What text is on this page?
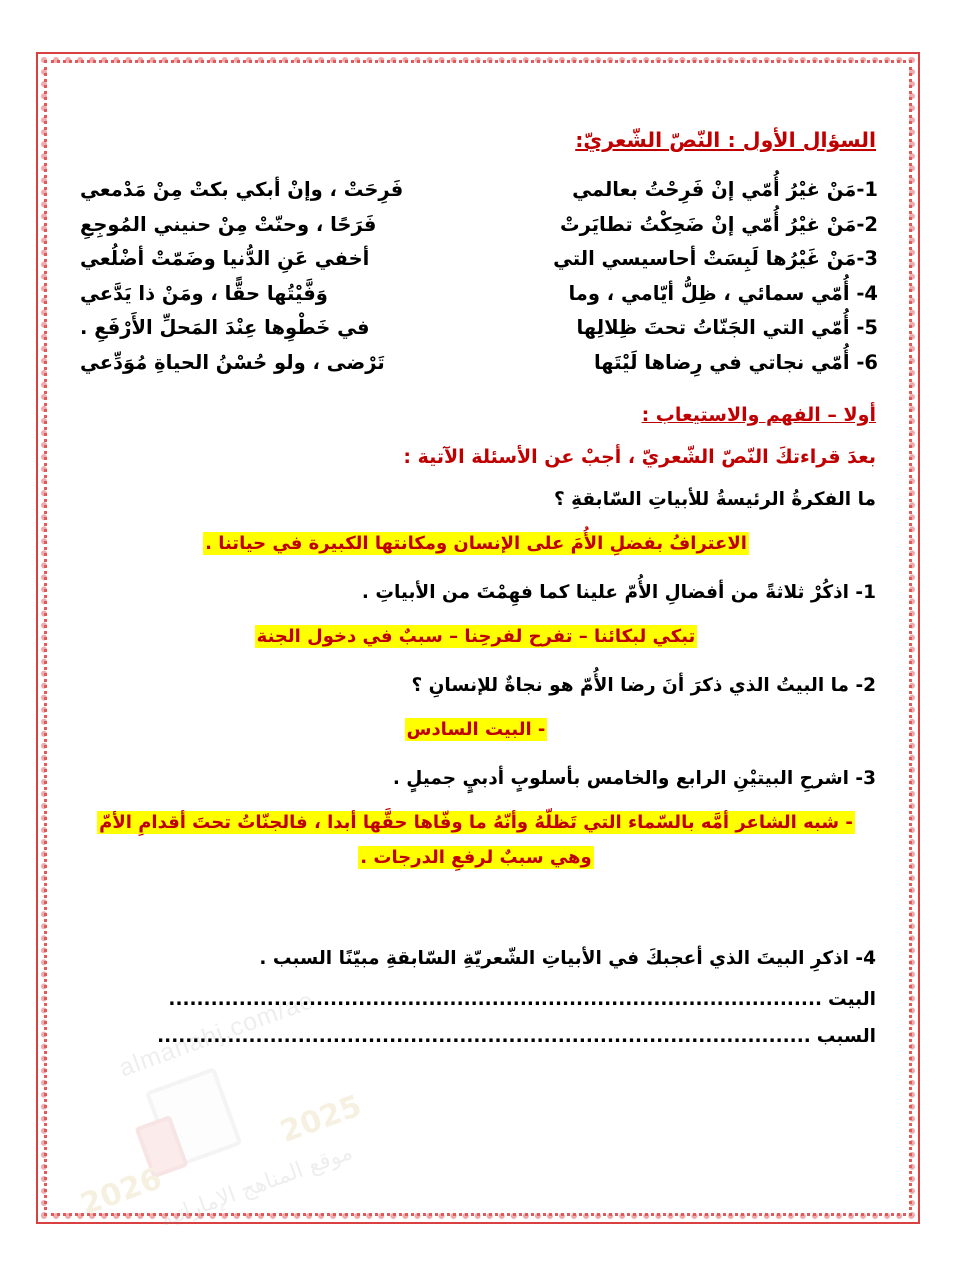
almanahj.com/ae
2026
2025
موقع المناهج الإماراتية
السؤال الأول : النّصّ الشّعريّ:
1-مَنْ غيْرُ أُمّي إنْ فَرِحْتُ بعالمي
2-مَنْ غيْرُ أُمّي إنْ ضَحِكْتُ تطايَرتْ
3-مَنْ غَيْرُها لَبِسَتْ أحاسيسي التي
4- أُمّي سمائي ، ظِلُّ أيّامي ، وما
5- أُمّي التي الجَنّاتُ تحتَ ظِلالِها
6- أُمّي نجاتي في رِضاها لَيْتَها
فَرِحَتْ ، وإنْ أبكي بكتْ مِنْ مَدْمعي
فَرَحًا ، وحنّتْ مِنْ حنيني المُوجِعِ
أخفي عَنِ الدُّنيا وضَمّتْ أضْلُعي
وَفَّيْتُها حقًّا ، ومَنْ ذا يَدَّعي
في خَطْوِها عِنْدَ المَحلِّ الأَرْفَعِ .
تَرْضى ، ولو حُسْنُ الحياةِ مُوَدِّعي
أولا – الفهم والاستيعاب :
بعدَ قراءتكَ النّصّ الشّعريّ ، أجبْ عن الأسئلة الآتية :
ما الفكرةُ الرئيسةُ للأبياتِ السّابقةِ ؟
الاعترافُ بفضلِ الأُمَ على الإنسان ومكانتها الكبيرة في حياتنا .
1- اذكُرْ ثلاثةً من أفضالِ الأُمّ علينا كما فهِمْتَ من الأبياتِ .
تبكي لبكائنا – تفرح لفرحِنا – سببٌ في دخول الجنة
2- ما البيتُ الذي ذكرَ أنَ رضا الأُمّ هو نجاةٌ للإنسانِ ؟
- البيت السادس
3- اشرحِ البيتيْنِ الرابع والخامس بأسلوبٍ أدبيٍ جميلٍ .
- شبه الشاعر أمَّه بالسّماء التي تَظلّهُ وأنّهُ ما وفّاها حقَّها أبدا ، فالجنّاتُ تحتَ أقدامِ الأمّ
وهي سببٌ لرفعِ الدرجات .
4- اذكرِ البيتَ الذي أعجبكَ في الأبياتِ الشّعريّةِ السّابقةِ مبيّنًا السبب .
البيت.............................................................................................
السبب.............................................................................................
